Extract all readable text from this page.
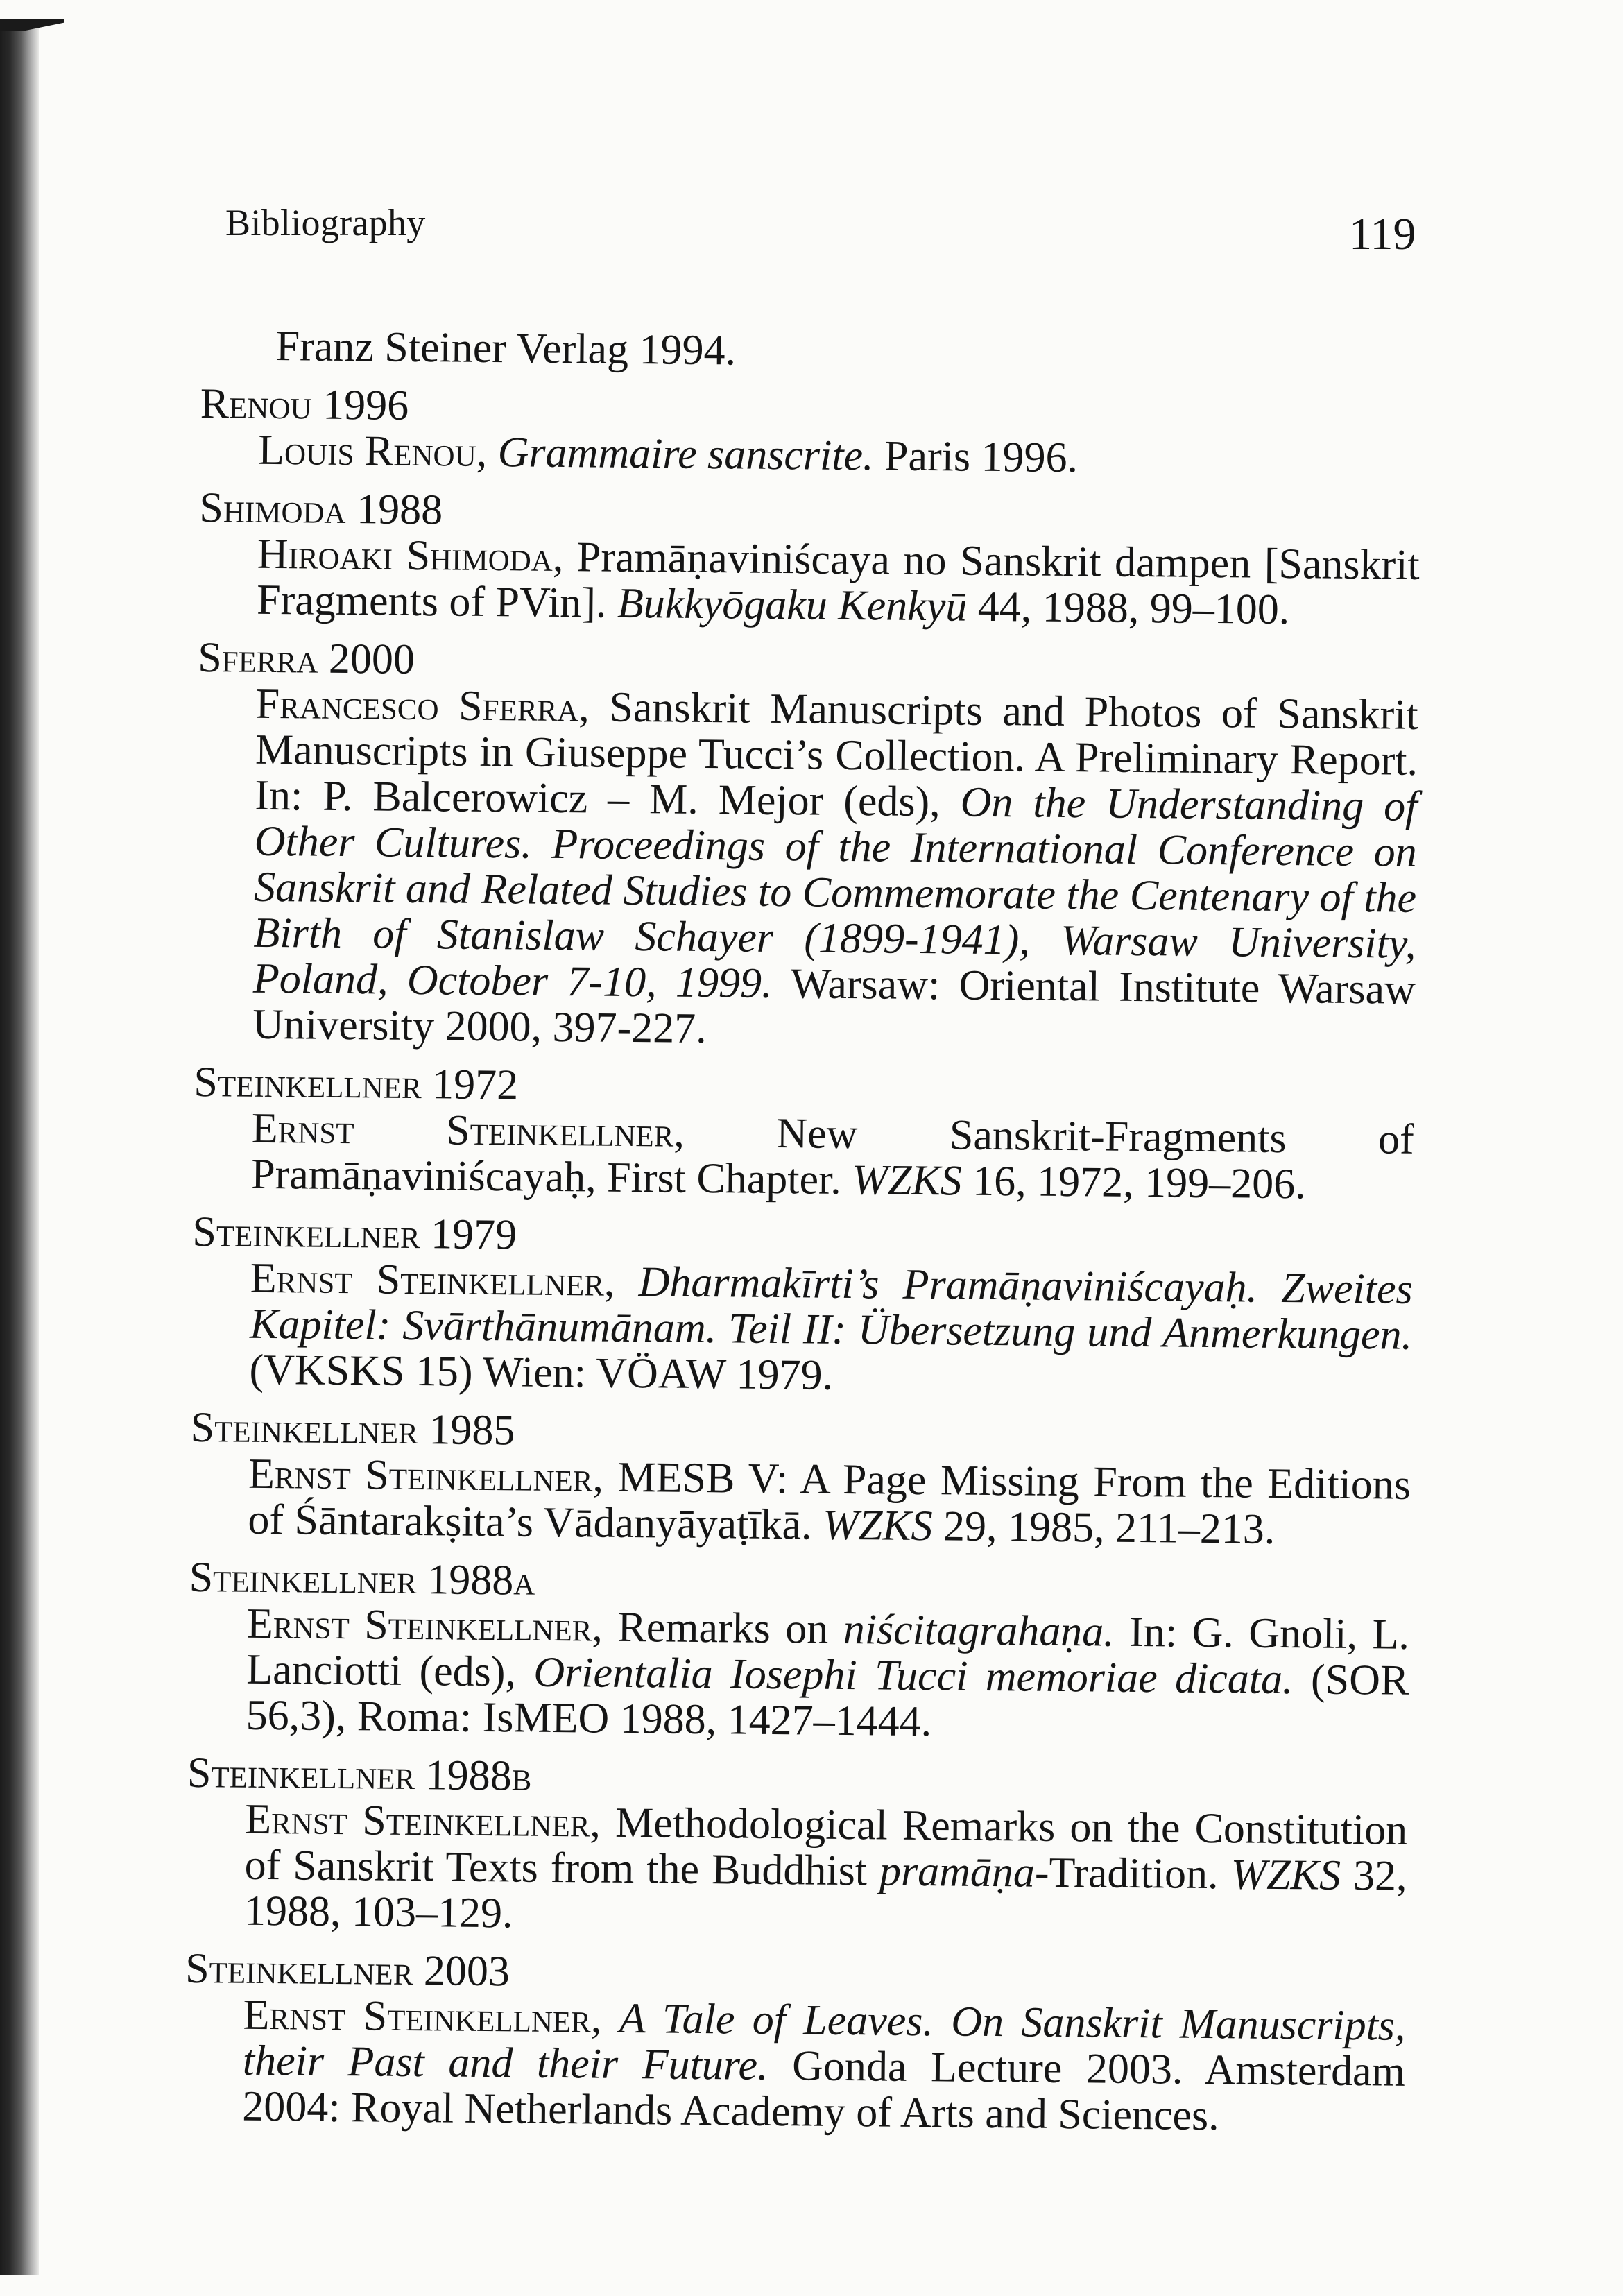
Bibliography	119
Franz Steiner Verlag 1994.
Renou 1996
Louis Renou, Grammaire sanscrite. Paris 1996.
Shimoda 1988
Hiroaki Shimoda, Pramāṇaviniścaya no Sanskrit dampen [Sanskrit Fragments of PVin]. Bukkyōgaku Kenkyū 44, 1988, 99–100.
Sferra 2000
Francesco Sferra, Sanskrit Manuscripts and Photos of Sanskrit Manuscripts in Giuseppe Tucci’s Collection. A Preliminary Report. In: P. Balcerowicz – M. Mejor (eds), On the Understanding of Other Cultures. Proceedings of the International Conference on Sanskrit and Related Studies to Commemorate the Centenary of the Birth of Stanislaw Schayer (1899-1941), Warsaw University, Poland, October 7-10, 1999. Warsaw: Oriental Institute Warsaw University 2000, 397-227.
Steinkellner 1972
Ernst Steinkellner, New Sanskrit-Fragments of Pramāṇaviniścayaḥ, First Chapter. WZKS 16, 1972, 199–206.
Steinkellner 1979
Ernst Steinkellner, Dharmakīrti’s Pramāṇaviniścayaḥ. Zweites Kapitel: Svārthānumānam. Teil II: Übersetzung und Anmerkungen. (VKSKS 15) Wien: VÖAW 1979.
Steinkellner 1985
Ernst Steinkellner, MESB V: A Page Missing From the Editions of Śāntarakṣita’s Vādanyāyaṭīkā. WZKS 29, 1985, 211–213.
Steinkellner 1988a
Ernst Steinkellner, Remarks on niścitagrahaṇa. In: G. Gnoli, L. Lanciotti (eds), Orientalia Iosephi Tucci memoriae dicata. (SOR 56,3), Roma: IsMEO 1988, 1427–1444.
Steinkellner 1988b
Ernst Steinkellner, Methodological Remarks on the Constitution of Sanskrit Texts from the Buddhist pramāṇa-Tradition. WZKS 32, 1988, 103–129.
Steinkellner 2003
Ernst Steinkellner, A Tale of Leaves. On Sanskrit Manuscripts, their Past and their Future. Gonda Lecture 2003. Amsterdam 2004: Royal Netherlands Academy of Arts and Sciences.
